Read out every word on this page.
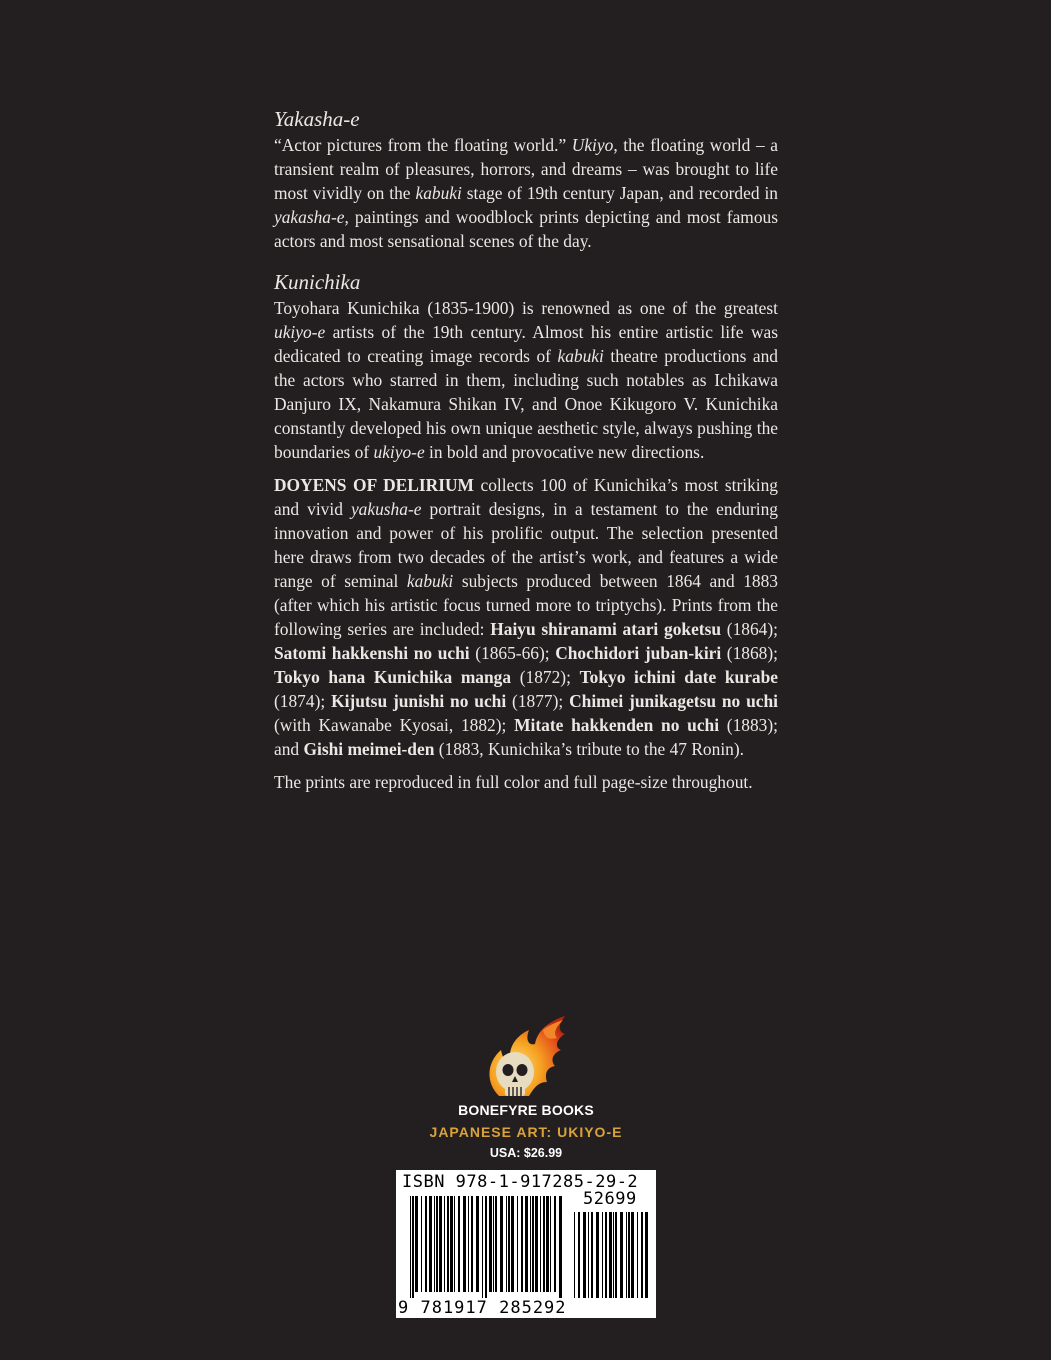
Yakasha-e

“Actor pictures from the floating world.” Ukiyo, the floating world – a transient realm of pleasures, horrors, and dreams – was brought to life most vividly on the kabuki stage of 19th century Japan, and recorded in yakasha-e, paintings and woodblock prints depicting and most famous actors and most sensational scenes of the day.

Kunichika

Toyohara Kunichika (1835-1900) is renowned as one of the greatest ukiyo-e artists of the 19th century. Almost his entire artistic life was dedicated to creating image records of kabuki theatre productions and the actors who starred in them, including such notables as Ichikawa Danjuro IX, Nakamura Shikan IV, and Onoe Kikugoro V. Kunichika constantly developed his own unique aesthetic style, always pushing the boundaries of ukiyo-e in bold and provocative new directions.

DOYENS OF DELIRIUM collects 100 of Kunichika’s most striking and vivid yakusha-e portrait designs, in a testament to the enduring innovation and power of his prolific output. The selection presented here draws from two decades of the artist’s work, and features a wide range of seminal kabuki subjects produced between 1864 and 1883 (after which his artistic focus turned more to triptychs). Prints from the following series are included: Haiyu shiranami atari goketsu (1864); Satomi hakkenshi no uchi (1865-66); Chochidori juban-kiri (1868); Tokyo hana Kunichika manga (1872); Tokyo ichini date kurabe (1874); Kijutsu junishi no uchi (1877); Chimei junikagetsu no uchi (with Kawanabe Kyosai, 1882); Mitate hakkenden no uchi (1883); and Gishi meimei-den (1883, Kunichika’s tribute to the 47 Ronin).

The prints are reproduced in full color and full page-size throughout.

BONEFYRE BOOKS
JAPANESE ART: UKIYO-E
USA: $26.99
ISBN 978-1-917285-29-2
52699
9 781917 285292
